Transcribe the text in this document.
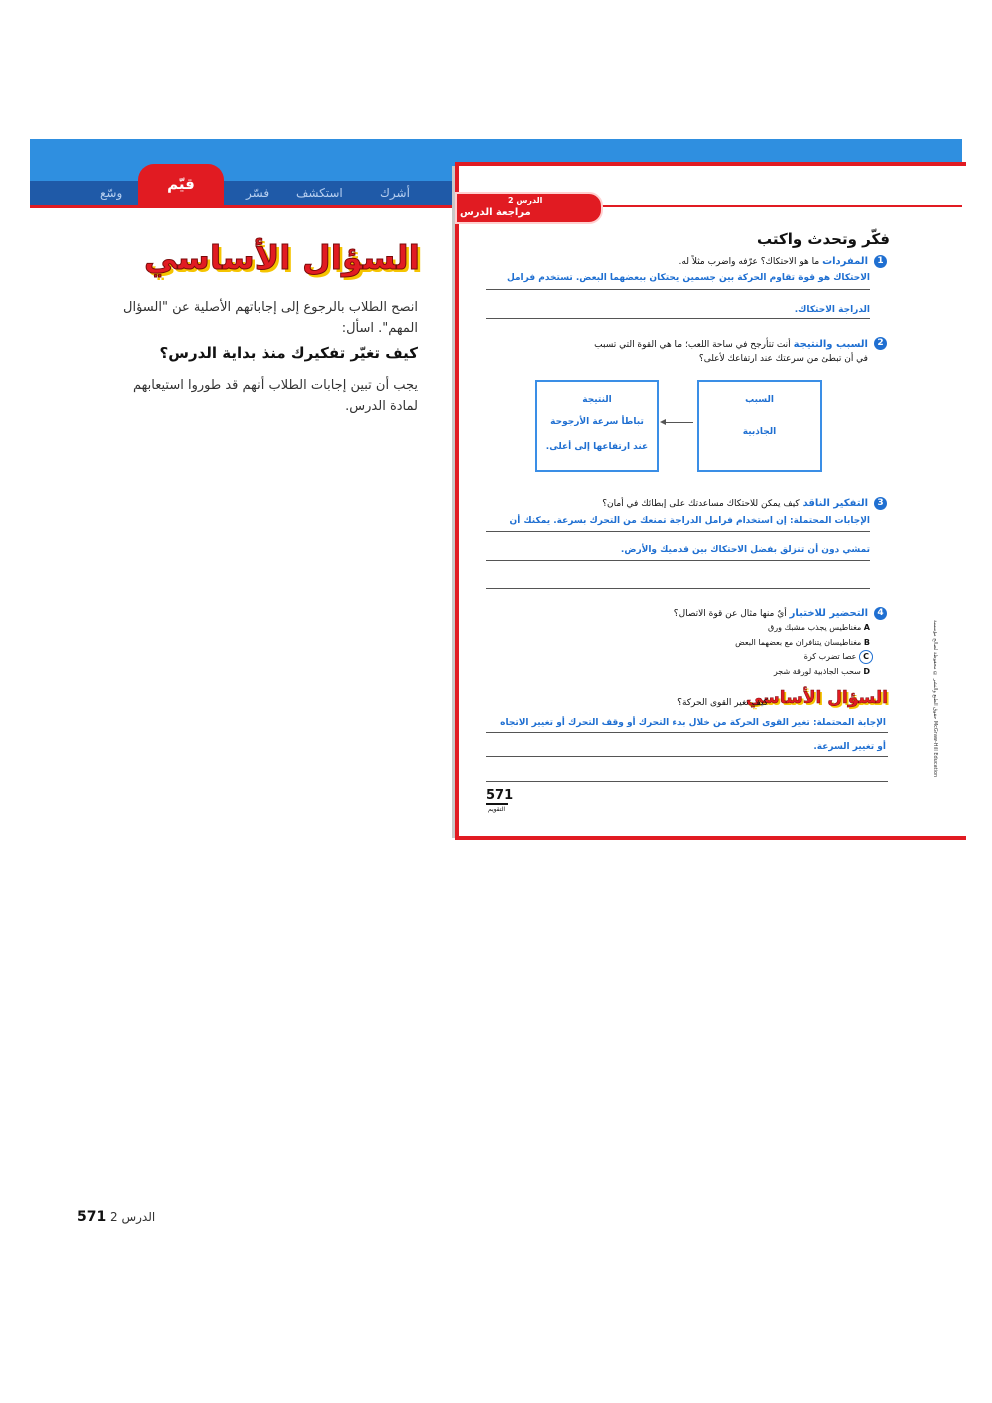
أشرك
استكشف
فسّر
قيّم
وسّع
السؤال الأساسي
انصح الطلاب بالرجوع إلى إجاباتهم الأصلية عن "السؤال المهم". اسأل:
كيف تغيّر تفكيرك منذ بداية الدرس؟
يجب أن تبين إجابات الطلاب أنهم قد طوروا استيعابهم لمادة الدرس.
الدرس 2
مراجعة الدرس
فكّر وتحدث واكتب
1
المفردات ما هو الاحتكاك؟ عرّفه واضرب مثلاً له.
الاحتكاك هو قوة تقاوم الحركة بين جسمين يحتكان ببعضهما البعض. تستخدم فرامل
الدراجة الاحتكاك.
2
السبب والنتيجة أنت تتأرجح في ساحة اللعب؛ ما هي القوة التي تسبب
في أن تبطئ من سرعتك عند ارتفاعك لأعلى؟
السبب
الجاذبية
النتيجة
تباطأ سرعة الأرجوحة
عند ارتفاعها إلى أعلى.
3
التفكير الناقد كيف يمكن للاحتكاك مساعدتك على إبطائك في أمان؟
الإجابات المحتملة: إن استخدام فرامل الدراجة تمنعك من التحرك بسرعة. يمكنك أن
تمشي دون أن تنزلق بفضل الاحتكاك بين قدميك والأرض.
4
التحضير للاختبار أيٌ منها مثال عن قوة الاتصال؟
A مغناطيس يجذب مشبك ورق
B مغناطيسان يتنافران مع بعضهما البعض
C عصا تضرب كرة
D سحب الجاذبية لورقة شجر
السؤال الأساسي
كيف تغير القوى الحركة؟
الإجابة المحتملة: تغير القوى الحركة من خلال بدء التحرك أو وقف التحرك أو تغيير الاتجاه
أو تغيير السرعة.
571
التقويم
حقوق الطبع والنشر © محفوظة لصالح مؤسسة McGraw-Hill Education
571 الدرس 2
